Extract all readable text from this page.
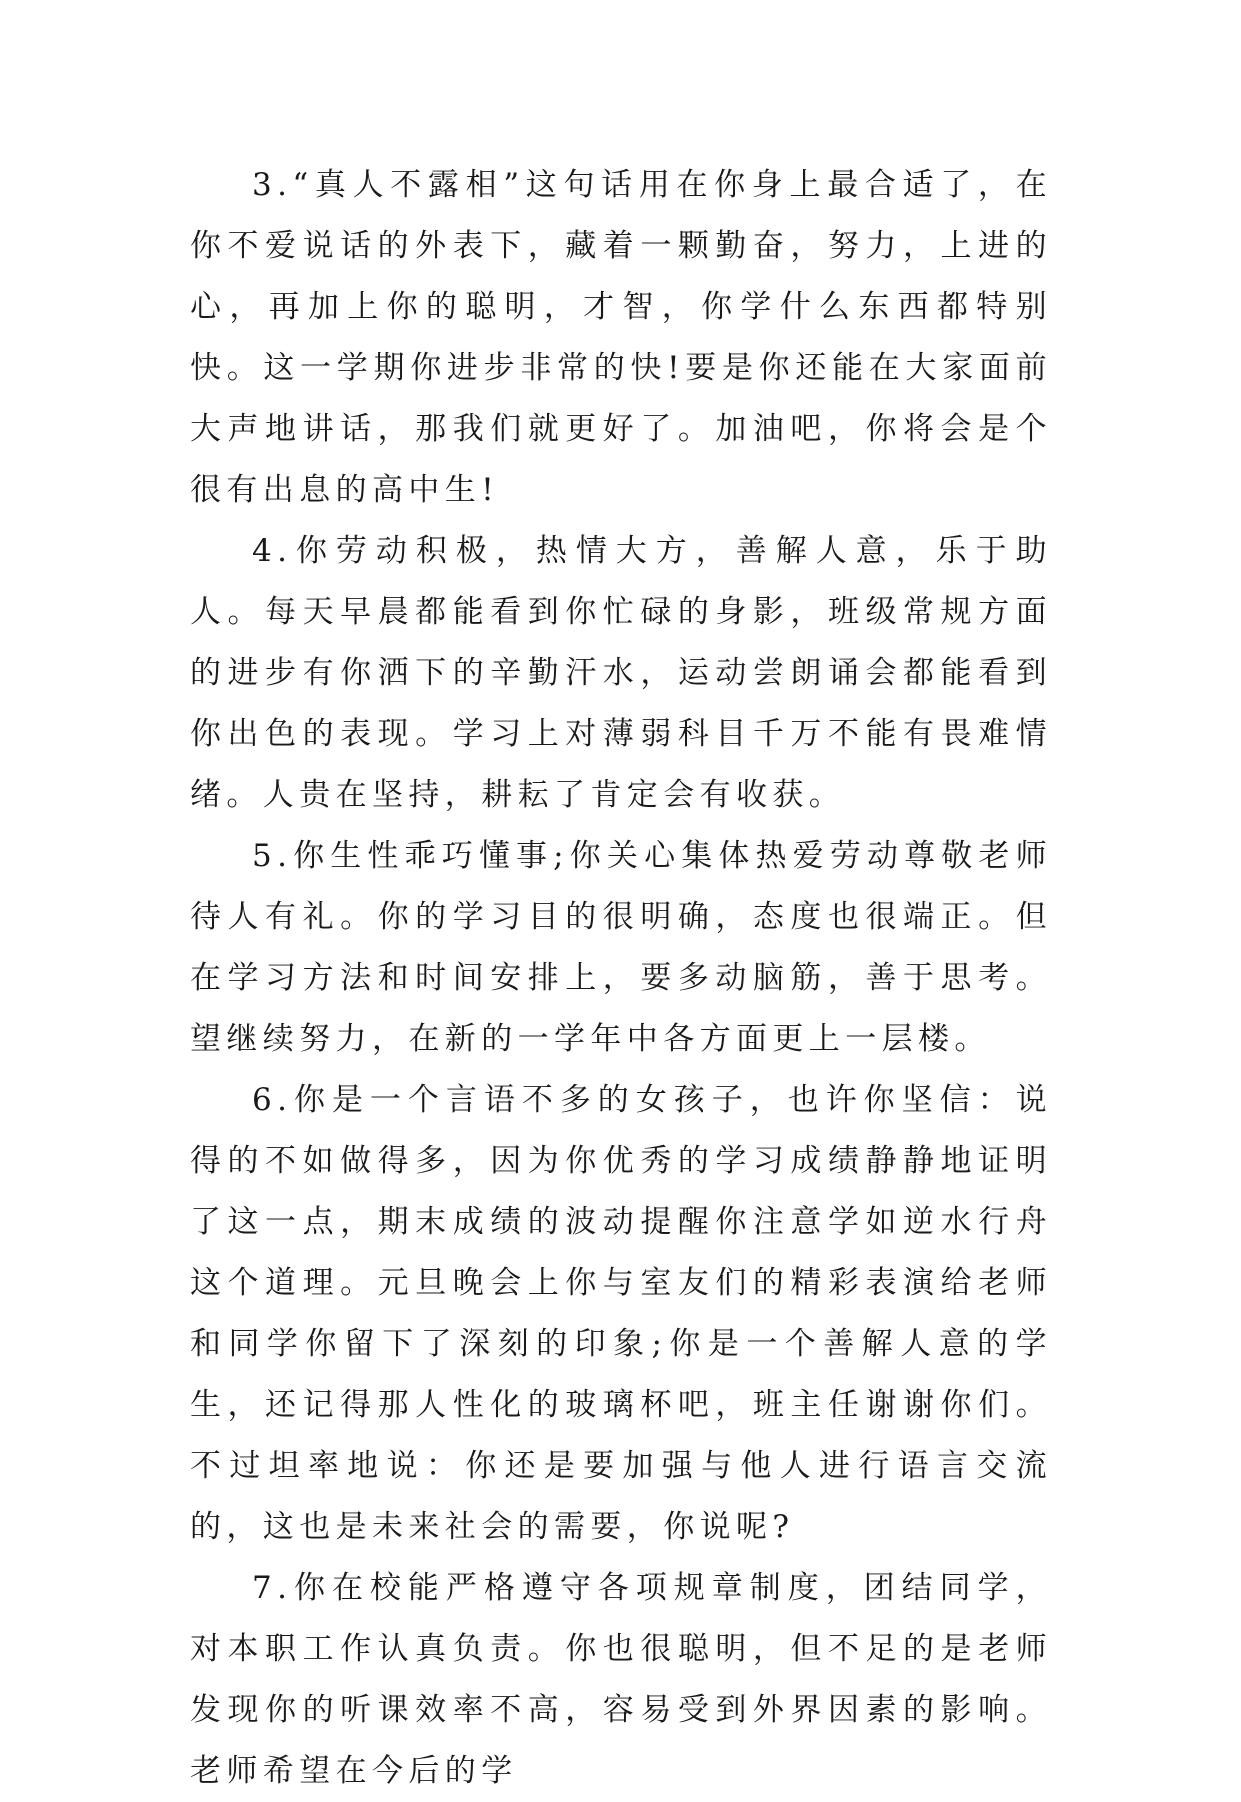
3.“真人不露相”这句话用在你身上最合适了，在你不爱说话的外表下，藏着一颗勤奋，努力，上进的心，再加上你的聪明，才智，你学什么东西都特别快。这一学期你进步非常的快!要是你还能在大家面前大声地讲话，那我们就更好了。加油吧，你将会是个很有出息的高中生!

4.你劳动积极，热情大方，善解人意，乐于助人。每天早晨都能看到你忙碌的身影，班级常规方面的进步有你洒下的辛勤汗水，运动尝朗诵会都能看到你出色的表现。学习上对薄弱科目千万不能有畏难情绪。人贵在坚持，耕耘了肯定会有收获。

5.你生性乖巧懂事;你关心集体热爱劳动尊敬老师待人有礼。你的学习目的很明确，态度也很端正。但在学习方法和时间安排上，要多动脑筋，善于思考。望继续努力，在新的一学年中各方面更上一层楼。

6.你是一个言语不多的女孩子，也许你坚信：说得的不如做得多，因为你优秀的学习成绩静静地证明了这一点，期末成绩的波动提醒你注意学如逆水行舟这个道理。元旦晚会上你与室友们的精彩表演给老师和同学你留下了深刻的印象;你是一个善解人意的学生，还记得那人性化的玻璃杯吧，班主任谢谢你们。不过坦率地说：你还是要加强与他人进行语言交流的，这也是未来社会的需要，你说呢?

7.你在校能严格遵守各项规章制度，团结同学，对本职工作认真负责。你也很聪明，但不足的是老师发现你的听课效率不高，容易受到外界因素的影响。老师希望在今后的学
